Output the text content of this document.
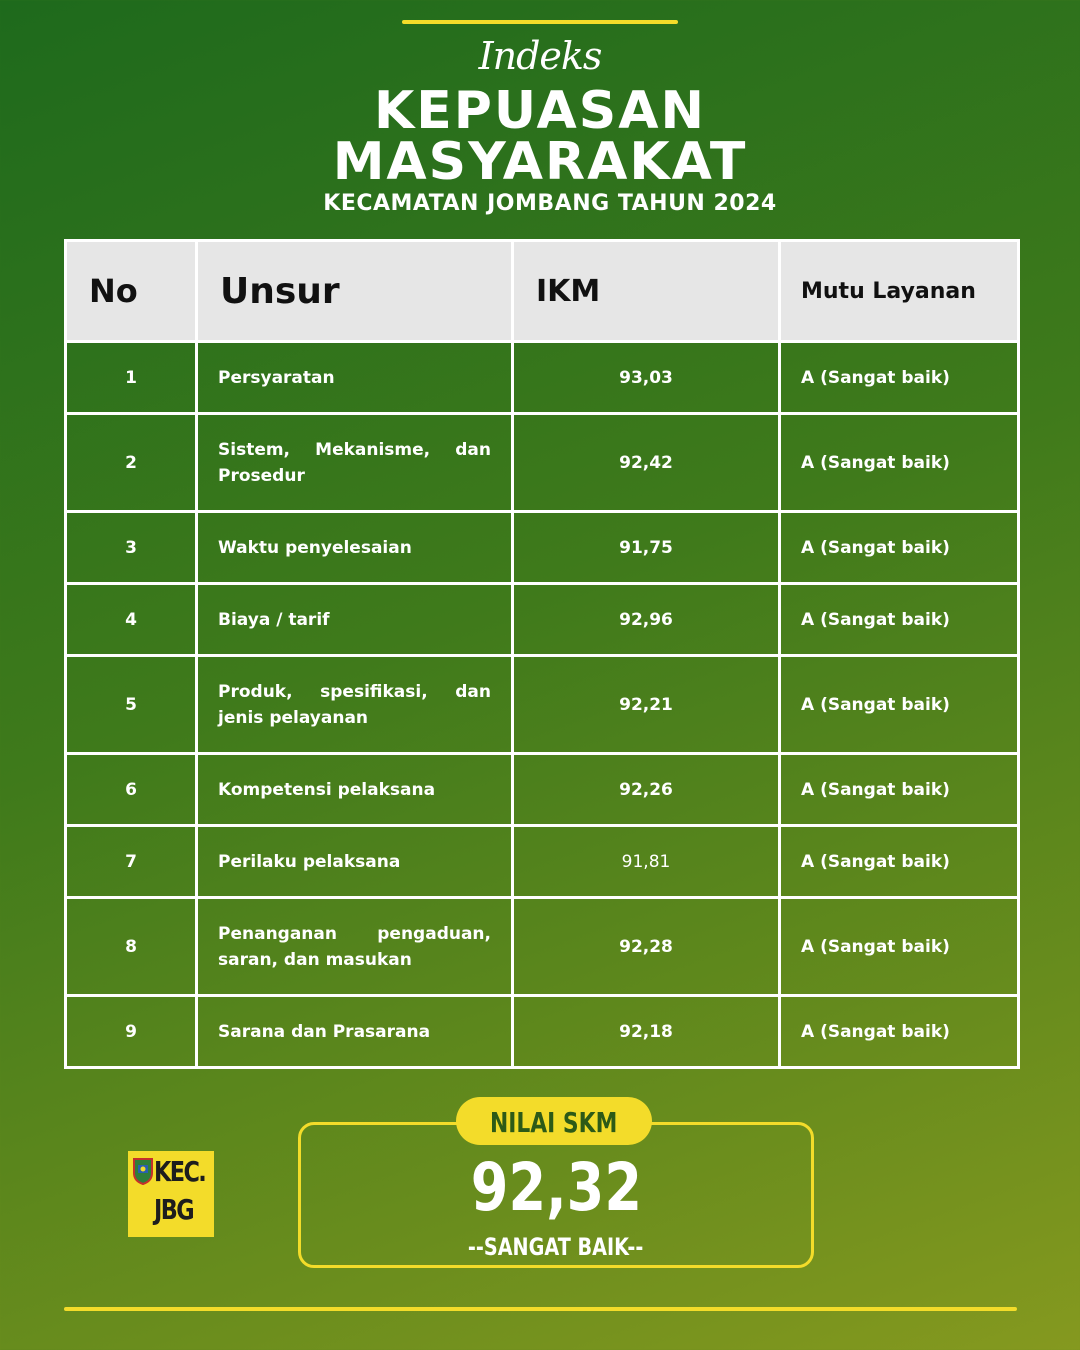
Indeks
KEPUASAN
MASYARAKAT
KECAMATAN JOMBANG TAHUN 2024
No	Unsur	IKM	Mutu Layanan
1	Persyaratan	93,03	A (Sangat baik)
2	Sistem, Mekanisme, dan Prosedur	92,42	A (Sangat baik)
3	Waktu penyelesaian	91,75	A (Sangat baik)
4	Biaya / tarif	92,96	A (Sangat baik)
5	Produk, spesifikasi, dan jenis pelayanan	92,21	A (Sangat baik)
6	Kompetensi pelaksana	92,26	A (Sangat baik)
7	Perilaku pelaksana	91,81	A (Sangat baik)
8	Penanganan pengaduan, saran, dan masukan	92,28	A (Sangat baik)
9	Sarana dan Prasarana	92,18	A (Sangat baik)
KEC.
JBG
NILAI SKM
92,32
--SANGAT BAIK--
